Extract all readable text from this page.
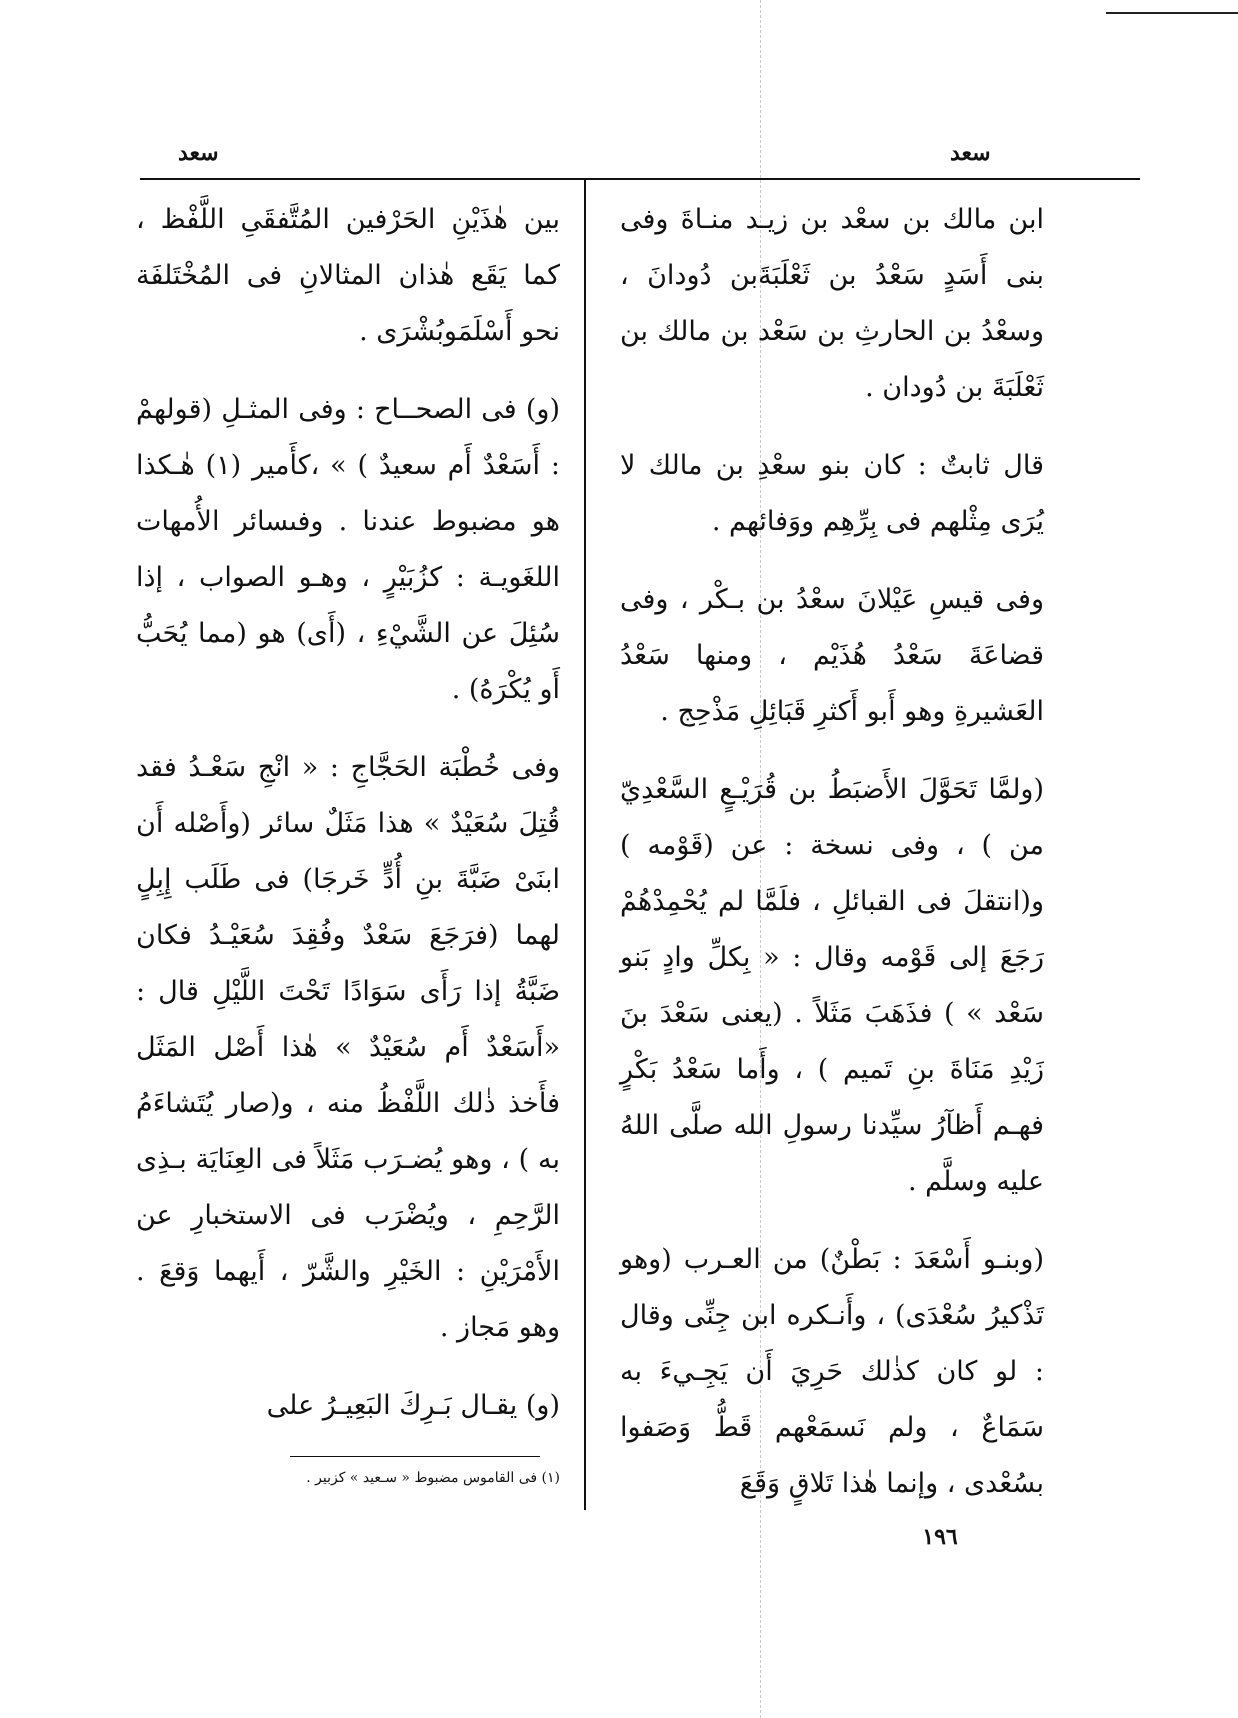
سعد
سعد

ابن مالك بن سعْد بن زيـد منـاةَ وفى بنى أَسَدٍ سَعْدُ بن ثَعْلَبَةَبن دُودانَ ، وسعْدُ بن الحارثِ بن سَعْد بن مالك بن ثَعْلَبَةَ بن دُودان .

قال ثابتٌ : كان بنو سعْدِ بن مالك لا يُرَى مِثْلهم فى بِرِّهِم ووَفائهم .

وفى قيسِ عَيْلانَ سعْدُ بن بـكْر ، وفى قضاعَةَ سَعْدُ هُذَيْم ، ومنها سَعْدُ العَشيرةِ وهو أَبو أَكثرِ قَبَائِلِ مَذْحِج .

(ولمَّا تَحَوَّلَ الأَضبَطُ بن قُرَيْـعٍ السَّعْدِيّ من ) ، وفى نسخة : عن (قَوْمه ) و(انتقلَ فى القبائلِ ، فلَمَّا لم يُحْمِدْهُمْ رَجَعَ إلى قَوْمه وقال : « بِكلِّ وادٍ بَنو سَعْد » ) فذَهَبَ مَثَلاً . (يعنى سَعْدَ بنَ زَيْدِ مَنَاةَ بنِ تَميم ) ، وأَما سَعْدُ بَكْرٍ فهـم أَظآرُ سيِّدنا رسولِ الله صلَّى اللهُ عليه وسلَّم .

(وبنـو أَسْعَدَ : بَطْنٌ) من العـرب (وهو تَذْكيرُ سُعْدَى) ، وأَنـكره ابن جِنِّى وقال : لو كان كذٰلك حَرِيَ أَن يَجِـيءَ به سَمَاعٌ ، ولم نَسمَعْهم قَطُّ وَصَفوا بسُعْدى ، وإنما هٰذا تَلاقٍ وَقَعَ

بين هٰذَيْنِ الحَرْفين المُتَّفقَىِ اللَّفْظ ، كما يَقَع هٰذان المثالانِ فى المُخْتَلفَة نحو أَسْلَمَوبُشْرَى .

(و) فى الصحــاح : وفى المثـلِ (قولهمْ : أَسَعْدٌ أَم سعيدٌ ) » ،كأَمير (١) هٰـكذا هو مضبوط عندنا . وفىسائر الأُمهات اللغَويـة : كزُبَيْرٍ ، وهـو الصواب ، إذا سُئِلَ عن الشَّيْءِ ، (أَى) هو (مما يُحَبُّ أَو يُكْرَهُ) .

وفى خُطْبَة الحَجَّاجِ : « انْجِ سَعْـدُ فقد قُتِلَ سُعَيْدٌ » هذا مَثَلٌ سائر (وأَصْله أَن ابنَىْ ضَبَّةَ بنِ أُدٍّ خَرجَا) فى طَلَب إِبِلٍ لهما (فرَجَعَ سَعْدٌ وفُقِدَ سُعَيْـدُ فكان ضَبَّةُ إذا رَأَى سَوَادًا تَحْتَ اللَّيْلِ قال : «أَسَعْدٌ أَم سُعَيْدٌ » هٰذا أَصْل المَثَل فأَخذ ذٰلك اللَّفْظُ منه ، و(صار يُتَشاءَمُ به ) ، وهو يُضـرَب مَثَلاً فى العِنَايَة بـذِى الرَّحِمِ ، ويُضْرَب فى الاستخبارِ عن الأَمْرَيْنِ : الخَيْرِ والشَّرّ ، أَيهما وَقعَ . وهو مَجاز .

(و) يقـال بَـرِكَ البَعِيـرُ على

(١) فى القاموس مضبوط « سـعيد » كزبير .
١٩٦
